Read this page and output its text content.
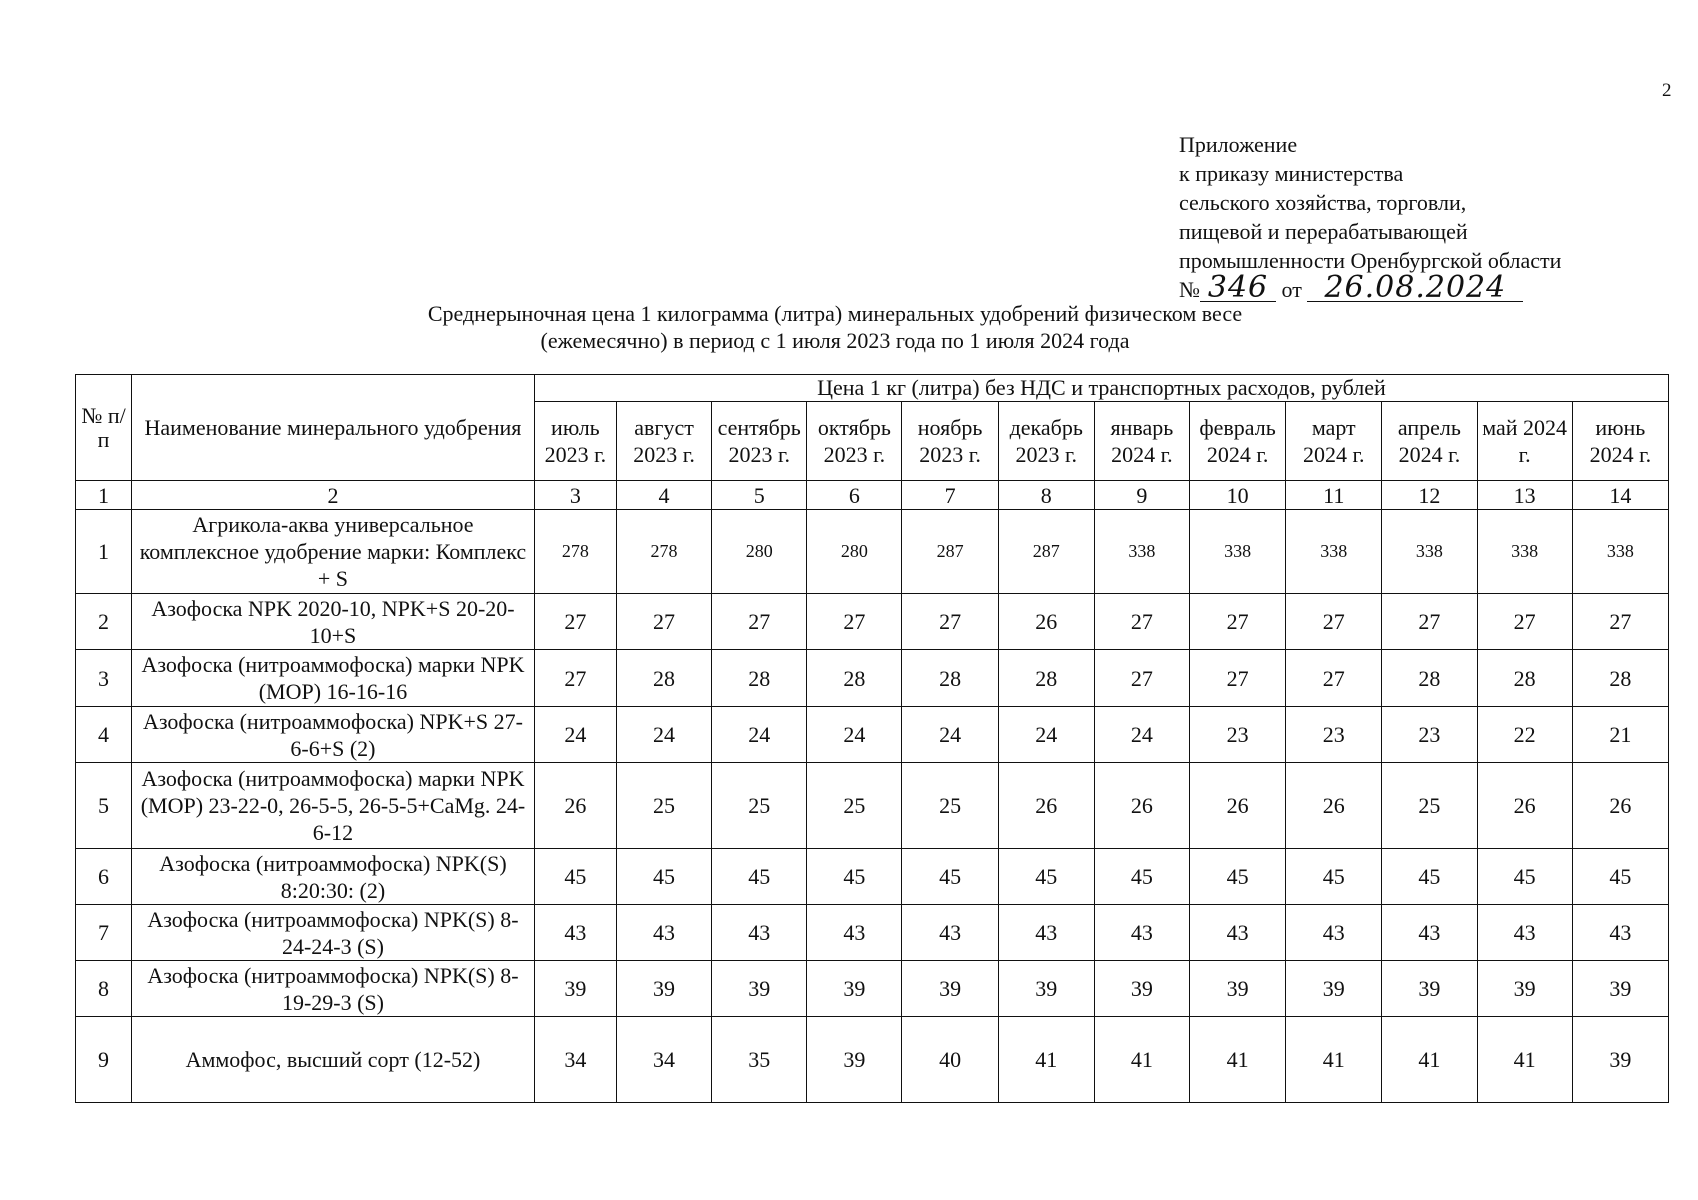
2
Приложение
к приказу министерства
сельского хозяйства, торговли,
пищевой и перерабатывающей
промышленности Оренбургской области
№ 346 от 26.08.2024
Среднерыночная цена 1 килограмма (литра) минеральных удобрений физическом весе
(ежемесячно) в период с 1 июля 2023 года по 1 июля 2024 года
№ п/п	Наименование минерального удобрения	Цена 1 кг (литра) без НДС и транспортных расходов, рублей											
		июль 2023 г.	август 2023 г.	сентябрь 2023 г.	октябрь 2023 г.	ноябрь 2023 г.	декабрь 2023 г.	январь 2024 г.	февраль 2024 г.	март 2024 г.	апрель 2024 г.	май 2024 г.	июнь 2024 г.
1	2	3	4	5	6	7	8	9	10	11	12	13	14
1	Агрикола-аква универсальное комплексное удобрение марки: Комплекс + S	278	278	280	280	287	287	338	338	338	338	338	338
2	Азофоска NPK 2020-10, NPK+S 20-20-10+S	27	27	27	27	27	26	27	27	27	27	27	27
3	Азофоска (нитроаммофоска) марки NPK (МОР) 16-16-16	27	28	28	28	28	28	27	27	27	28	28	28
4	Азофоска (нитроаммофоска) NPK+S 27-6-6+S (2)	24	24	24	24	24	24	24	23	23	23	22	21
5	Азофоска (нитроаммофоска) марки NPK (МОР) 23-22-0, 26-5-5, 26-5-5+CaMg. 24-6-12	26	25	25	25	25	26	26	26	26	25	26	26
6	Азофоска (нитроаммофоска) NPK(S) 8:20:30: (2)	45	45	45	45	45	45	45	45	45	45	45	45
7	Азофоска (нитроаммофоска) NPK(S) 8-24-24-3 (S)	43	43	43	43	43	43	43	43	43	43	43	43
8	Азофоска (нитроаммофоска) NPK(S) 8-19-29-3 (S)	39	39	39	39	39	39	39	39	39	39	39	39
9	Аммофос, высший сорт (12-52)	34	34	35	39	40	41	41	41	41	41	41	39
